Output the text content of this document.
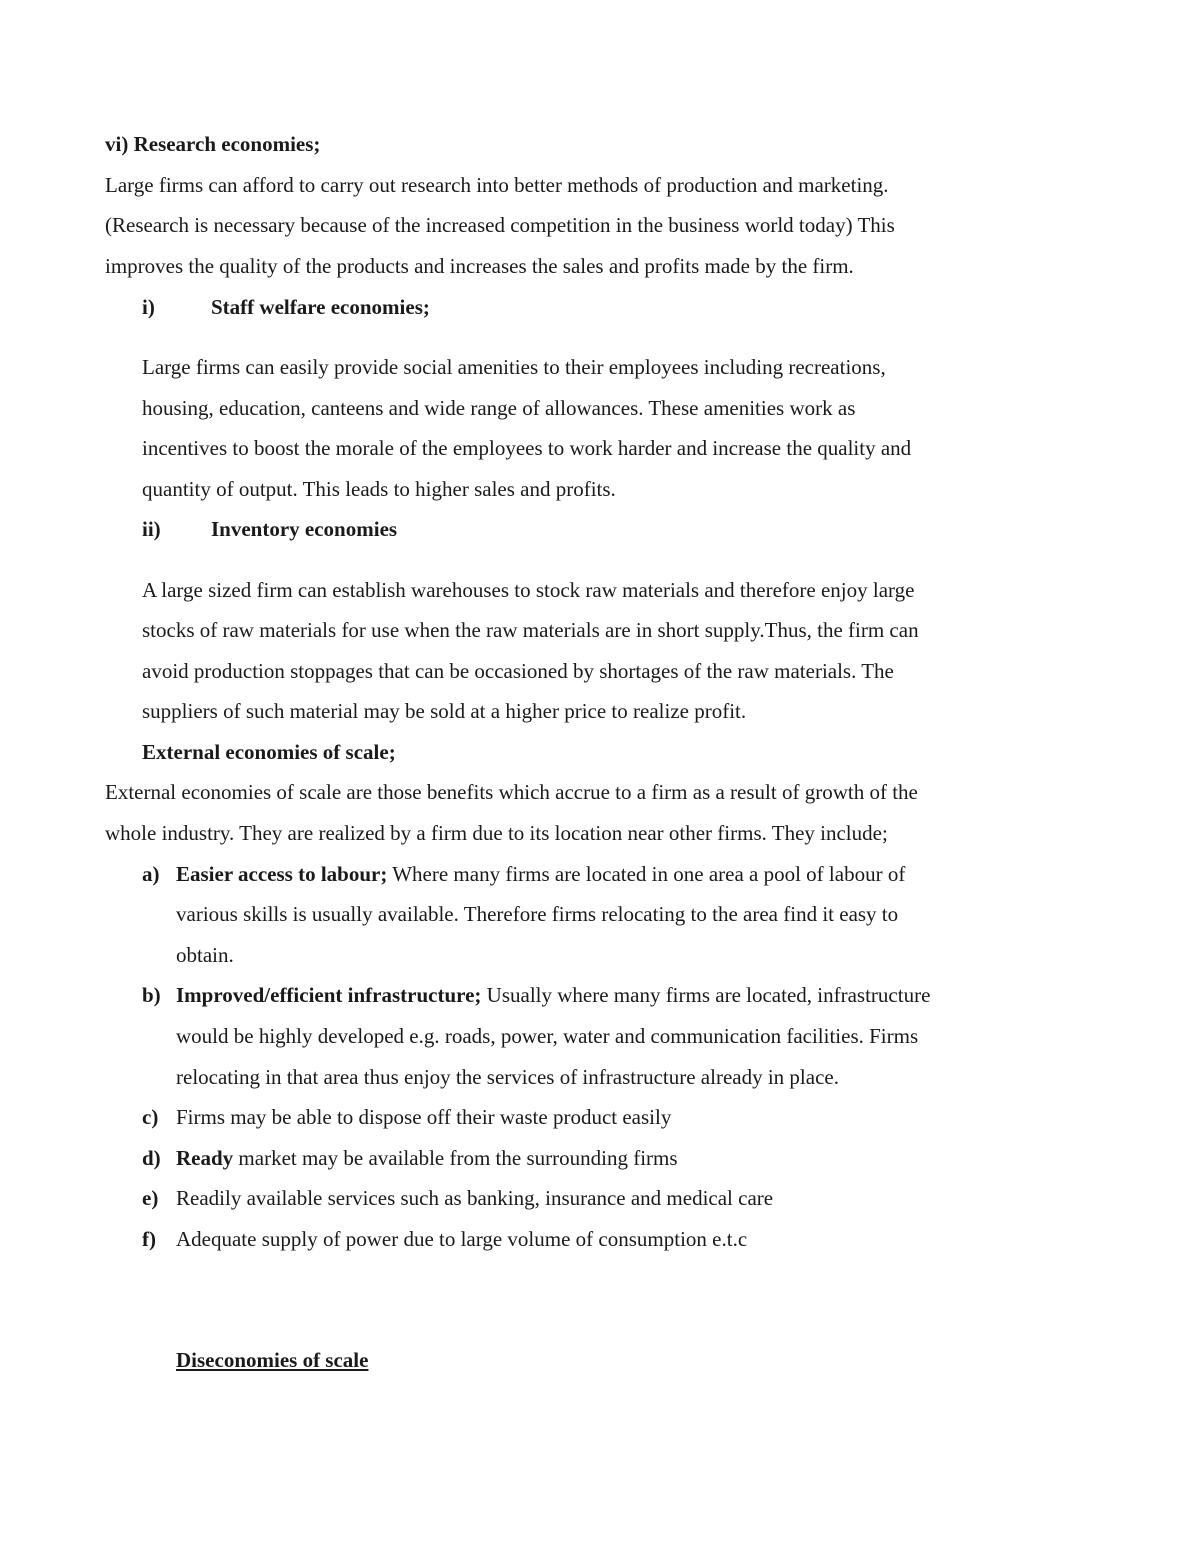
vi) Research economies;
Large firms can afford to carry out research into better methods of production and marketing.
(Research is necessary because of the increased competition in the business world today) This
improves the quality of the products and increases the sales and profits made by the firm.
i)	Staff welfare economies;
Large firms can easily provide social amenities to their employees including recreations,
housing, education, canteens and wide range of allowances. These amenities work as
incentives to boost the morale of the employees to work harder and increase the quality and
quantity of output. This leads to higher sales and profits.
ii) Inventory economies
A large sized firm can establish warehouses to stock raw materials and therefore enjoy large
stocks of raw materials for use when the raw materials are in short supply.Thus, the firm can
avoid production stoppages that can be occasioned by shortages of the raw materials. The
suppliers of such material may be sold at a higher price to realize profit.
External economies of scale;
External economies of scale are those benefits which accrue to a firm as a result of growth of the
whole industry. They are realized by a firm due to its location near other firms. They include;
a) Easier access to labour; Where many firms are located in one area a pool of labour of
various skills is usually available. Therefore firms relocating to the area find it easy to
obtain.
b) Improved/efficient infrastructure; Usually where many firms are located, infrastructure
would be highly developed e.g. roads, power, water and communication facilities. Firms
relocating in that area thus enjoy the services of infrastructure already in place.
c) Firms may be able to dispose off their waste product easily
d) Ready market may be available from the surrounding firms
e) Readily available services such as banking, insurance and medical care
f) Adequate supply of power due to large volume of consumption e.t.c
Diseconomies of scale
